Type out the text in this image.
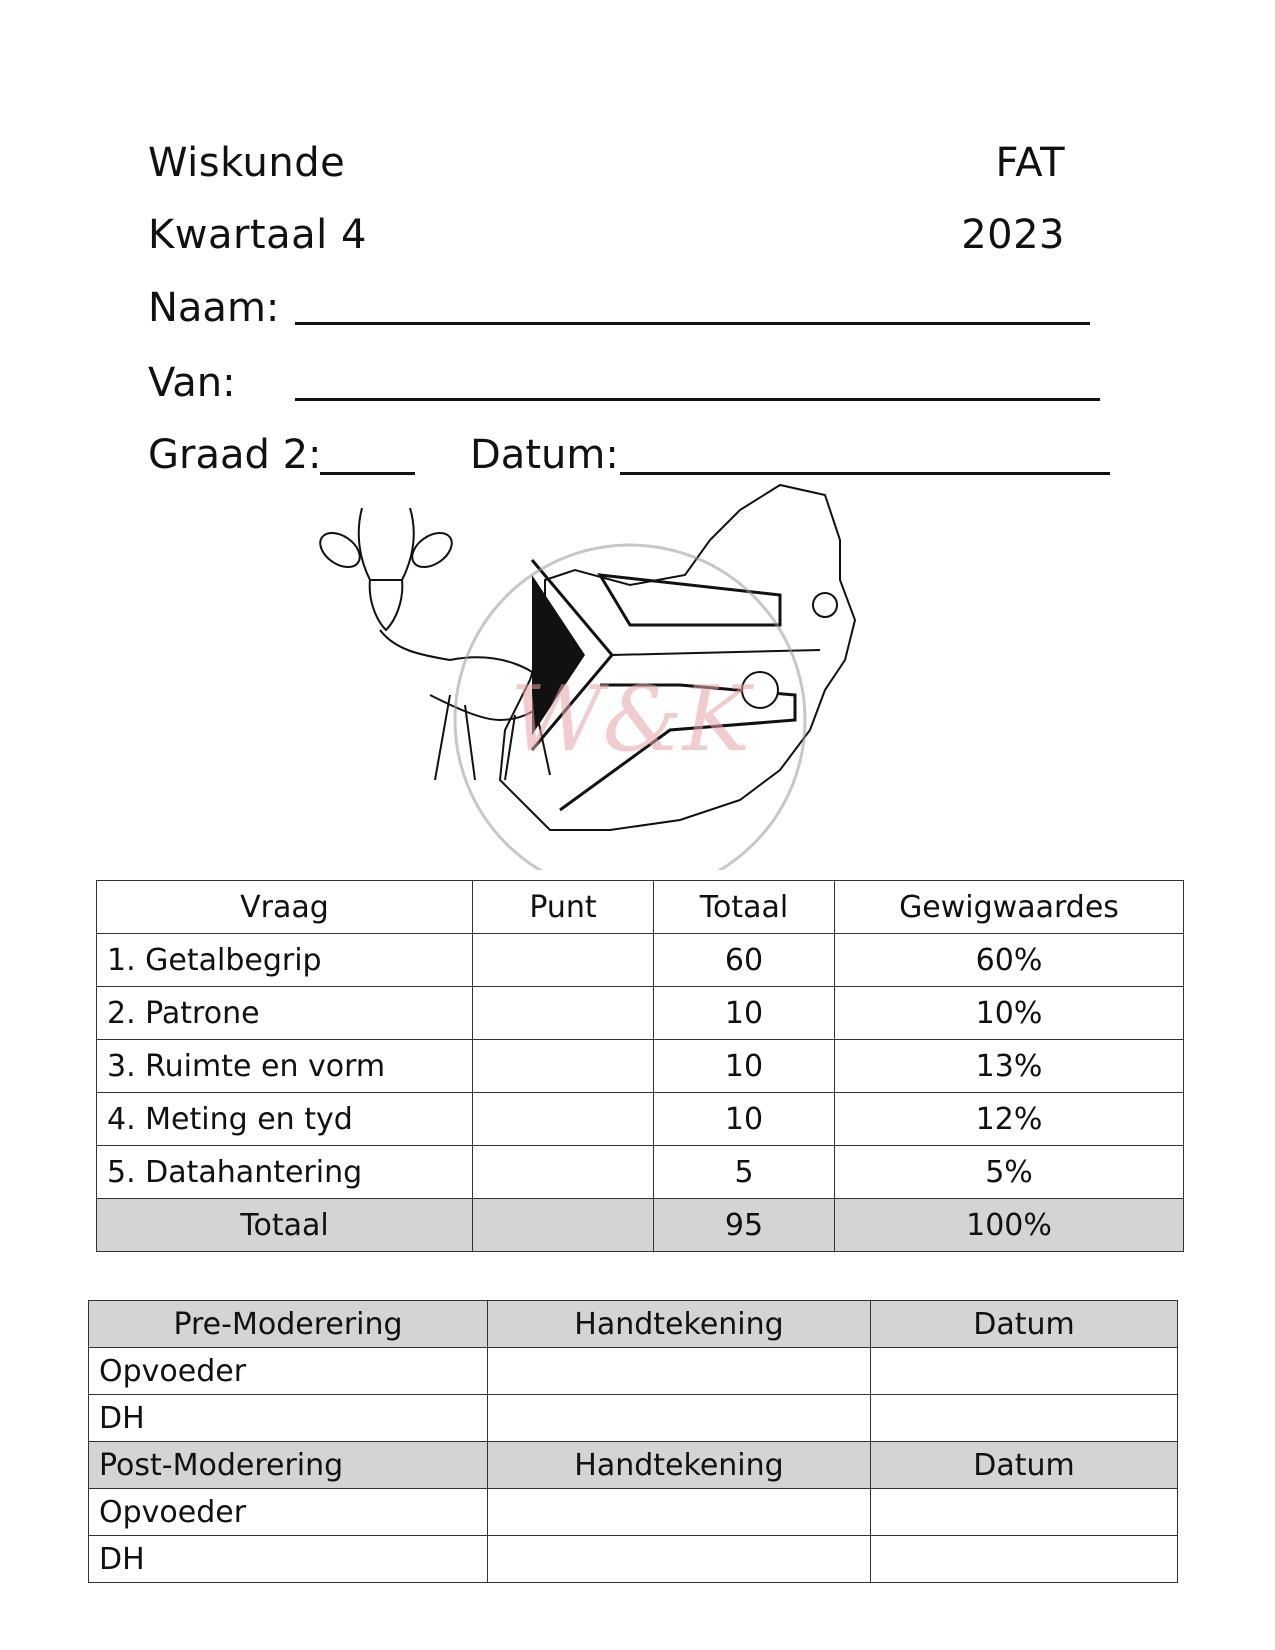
Wiskunde	FAT
Kwartaal 4	2023
Naam:
Van:
Graad 2:	Datum:
W&K
Vraag	Punt	Totaal	Gewigwaardes
1. Getalbegrip		60	60%
2. Patrone		10	10%
3. Ruimte en vorm		10	13%
4. Meting en tyd		10	12%
5. Datahantering		5	5%
Totaal		95	100%
Pre-Moderering	Handtekening	Datum
Opvoeder		
DH		
Post-Moderering	Handtekening	Datum
Opvoeder		
DH		
